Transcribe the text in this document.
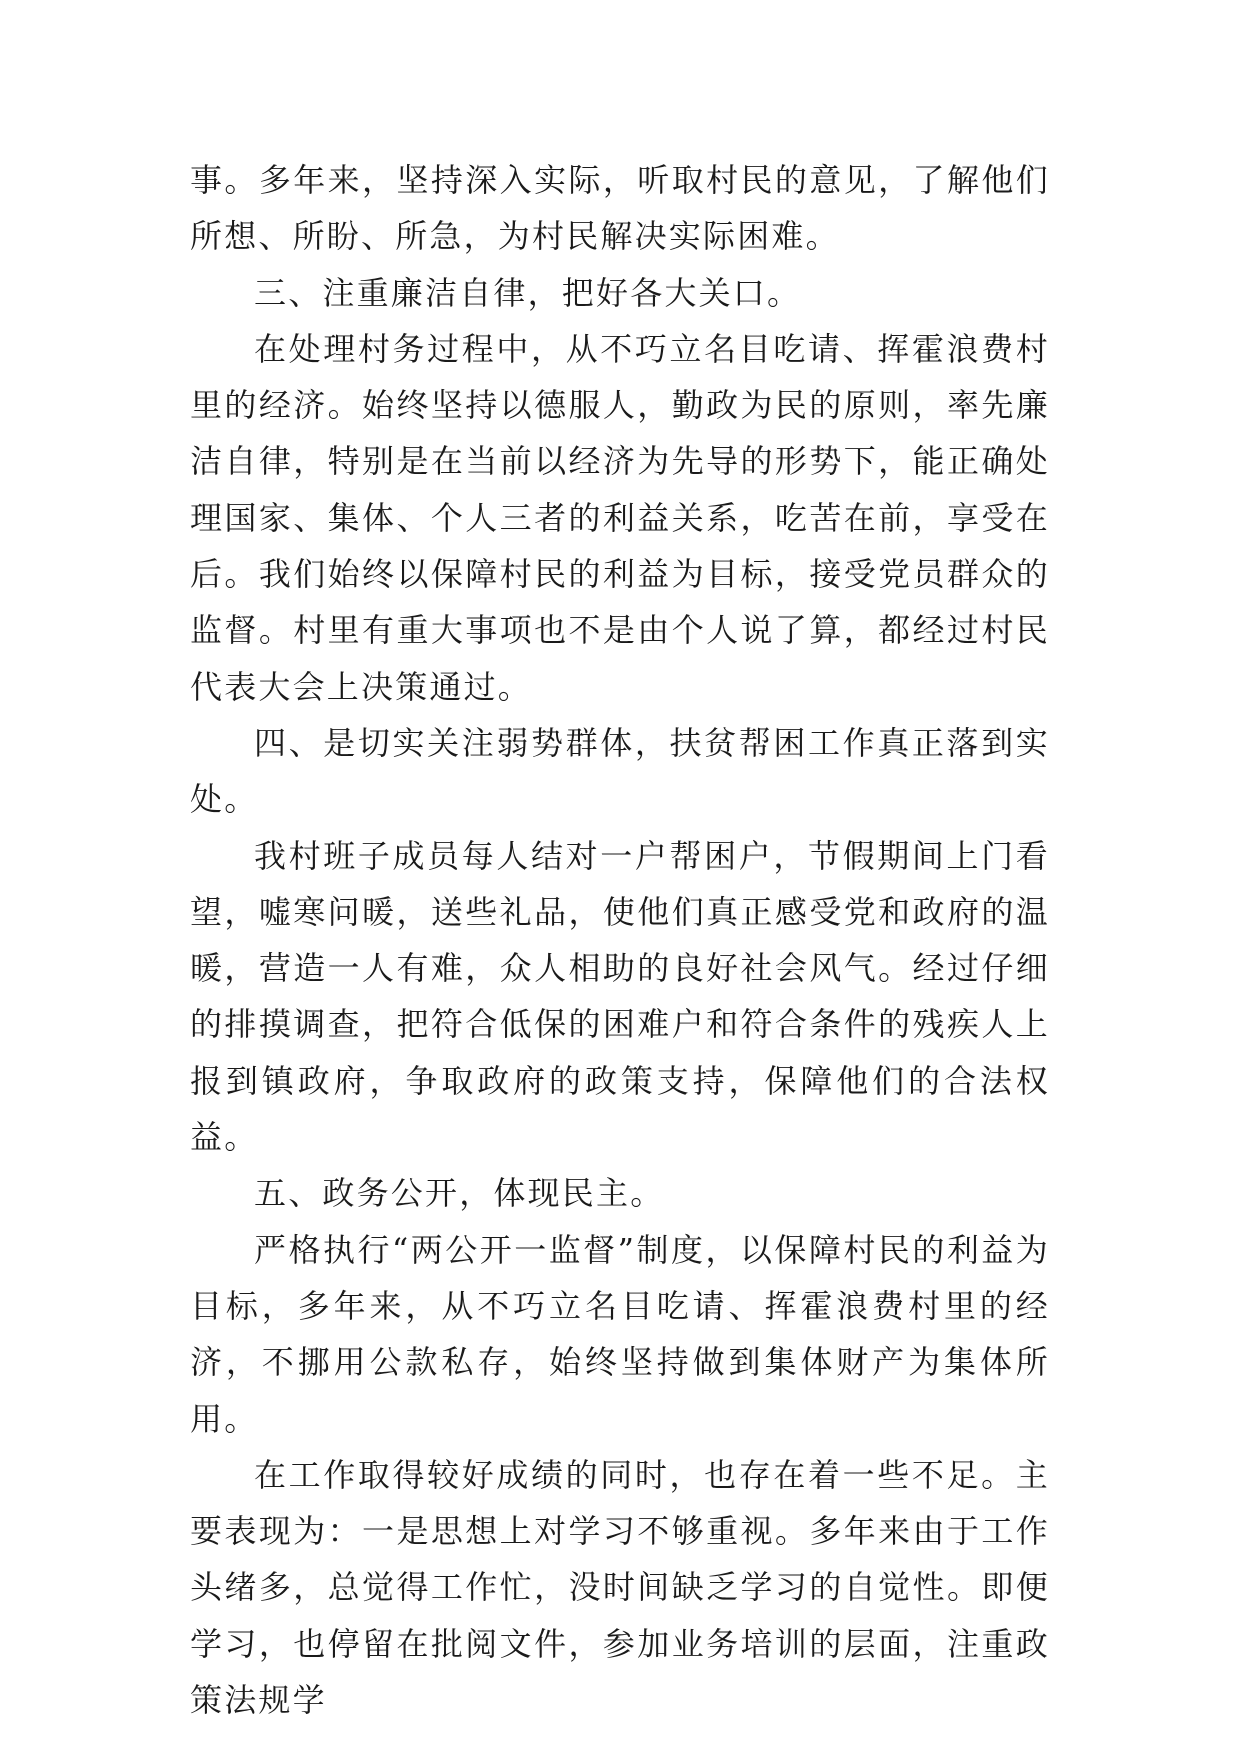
事。多年来，坚持深入实际，听取村民的意见，了解他们所想、所盼、所急，为村民解决实际困难。

三、注重廉洁自律，把好各大关口。

在处理村务过程中，从不巧立名目吃请、挥霍浪费村里的经济。始终坚持以德服人，勤政为民的原则，率先廉洁自律，特别是在当前以经济为先导的形势下，能正确处理国家、集体、个人三者的利益关系，吃苦在前，享受在后。我们始终以保障村民的利益为目标，接受党员群众的监督。村里有重大事项也不是由个人说了算，都经过村民代表大会上决策通过。

四、是切实关注弱势群体，扶贫帮困工作真正落到实处。

我村班子成员每人结对一户帮困户，节假期间上门看望，嘘寒问暖，送些礼品，使他们真正感受党和政府的温暖，营造一人有难，众人相助的良好社会风气。经过仔细的排摸调查，把符合低保的困难户和符合条件的残疾人上报到镇政府，争取政府的政策支持，保障他们的合法权益。

五、政务公开，体现民主。

严格执行“两公开一监督”制度，以保障村民的利益为目标，多年来，从不巧立名目吃请、挥霍浪费村里的经济，不挪用公款私存，始终坚持做到集体财产为集体所用。

在工作取得较好成绩的同时，也存在着一些不足。主要表现为：一是思想上对学习不够重视。多年来由于工作头绪多，总觉得工作忙，没时间缺乏学习的自觉性。即便学习，也停留在批阅文件，参加业务培训的层面，注重政策法规学
